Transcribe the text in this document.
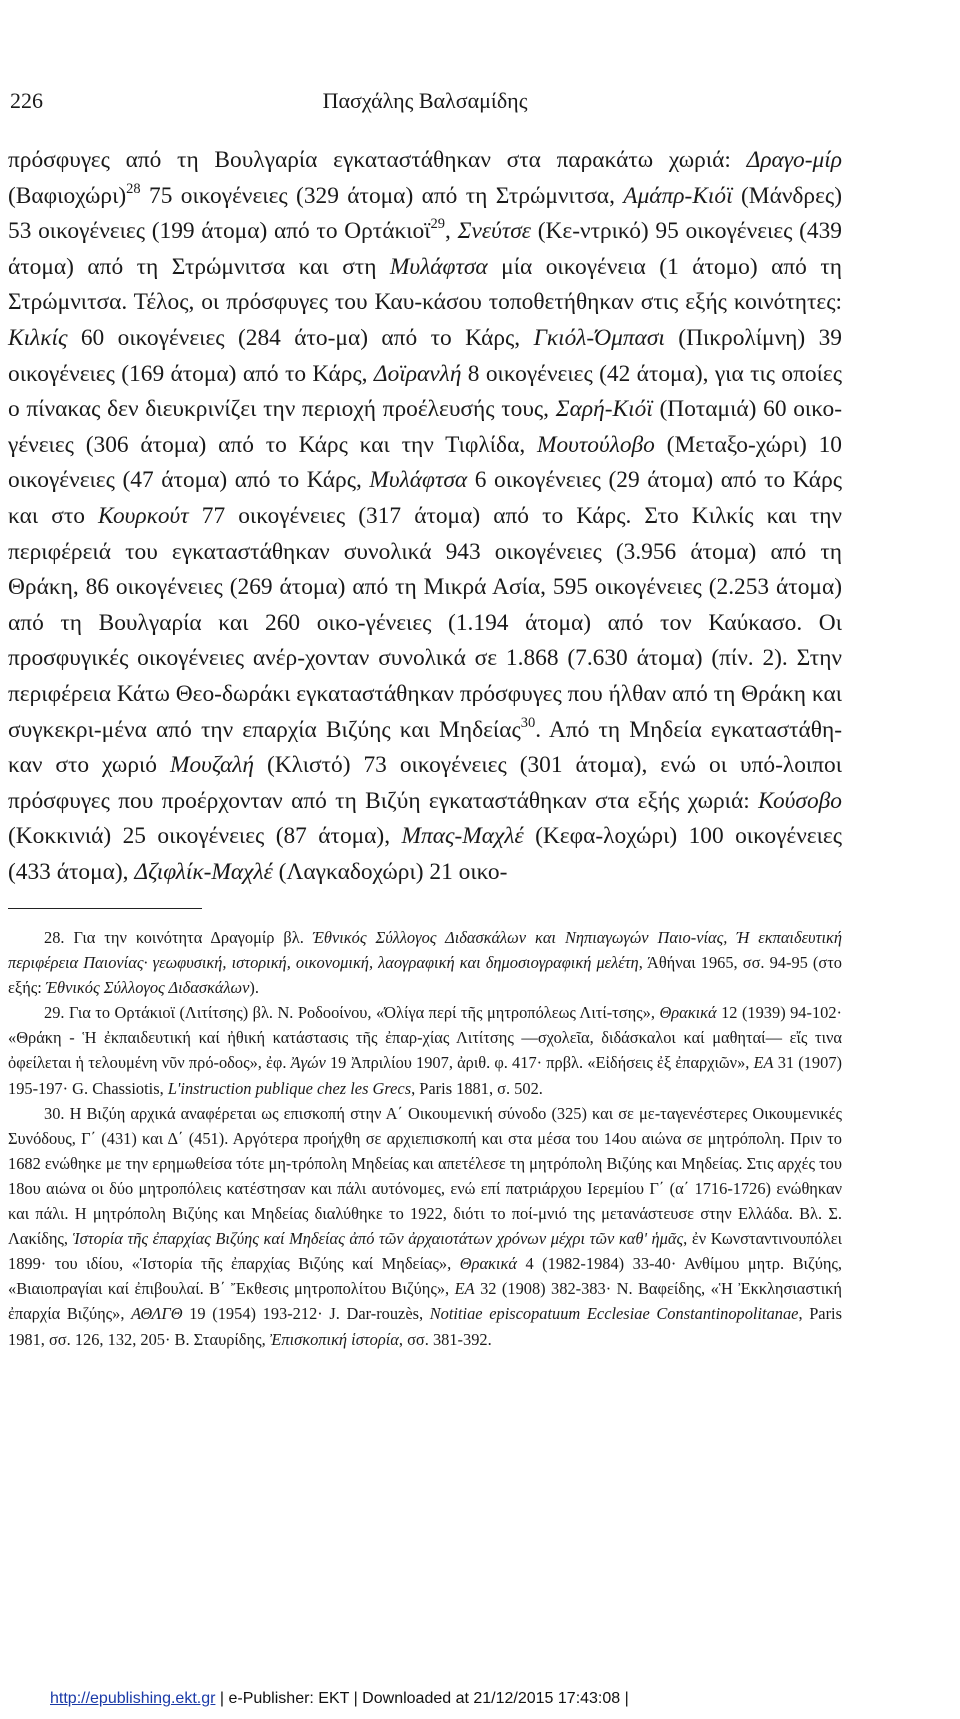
226	Πασχάλης Βαλσαμίδης

πρόσφυγες από τη Βουλγαρία εγκαταστάθηκαν στα παρακάτω χωριά: Δραγο-μίρ $(B\alpha\varphi\iota o\chi ώ\rho\iota)^{28}$ 75 οικογένειες (329 άτομα) από τη Στρώμνιτσα, Αμάπρ-Κιόϊ (Μάνδρες) 53 οικογένειες (199 άτομα) από το Ορτάκιοϊ$^{29}$, Σνεύτσε (Κε-ντρικό) 95 οικογένειες (439 άτομα) από τη Στρώμνιτσα και στη Μυλάφτσα μία οικογένεια (1 άτομο) από τη Στρώμνιτσα. Τέλος, οι πρόσφυγες του Καυ-κάσου τοποθετήθηκαν στις εξής κοινότητες: Κιλκίς 60 οικογένειες (284 άτο-μα) από το Κάρς, Γκιόλ-Όμπασι (Πικρολίμνη) 39 οικογένειες (169 άτομα) από το Κάρς, Δοϊρανλή 8 οικογένειες (42 άτομα), για τις οποίες ο πίνακας δεν διευκρινίζει την περιοχή προέλευσής τους, Σαρή-Κιόϊ (Ποταμιά) 60 οικο-γένειες (306 άτομα) από το Κάρς και την Τιφλίδα, Μουτούλοβο (Μεταξο-χώρι) 10 οικογένειες (47 άτομα) από το Κάρς, Μυλάφτσα 6 οικογένειες (29 άτομα) από το Κάρς και στο Κουρκούτ 77 οικογένειες (317 άτομα) από το Κάρς. Στο Κιλκίς και την περιφέρειά του εγκαταστάθηκαν συνολικά 943 οικογένειες (3.956 άτομα) από τη Θράκη, 86 οικογένειες (269 άτομα) από τη Μικρά Ασία, 595 οικογένειες (2.253 άτομα) από τη Βουλγαρία και 260 οικο-γένειες (1.194 άτομα) από τον Καύκασο. Οι προσφυγικές οικογένειες ανέρ-χονταν συνολικά σε 1.868 (7.630 άτομα) (πίν. 2). Στην περιφέρεια Κάτω Θεο-δωράκι εγκαταστάθηκαν πρόσφυγες που ήλθαν από τη Θράκη και συγκεκρι-μένα από την επαρχία Βιζύης και Μηδείας$^{30}$. Από τη Μηδεία εγκαταστάθη-καν στο χωριό Μουζαλή (Κλιστό) 73 οικογένειες (301 άτομα), ενώ οι υπό-λοιποι πρόσφυγες που προέρχονταν από τη Βιζύη εγκαταστάθηκαν στα εξής χωριά: Κούσοβο (Κοκκινιά) 25 οικογένειες (87 άτομα), Μπας-Μαχλέ (Κεφα-λοχώρι) 100 οικογένειες (433 άτομα), Δζιφλίκ-Μαχλέ (Λαγκαδοχώρι) 21 οικο-

28. Για την κοινότητα Δραγομίρ βλ. Έθνικός Σύλλογος Διδασκάλων και Νηπιαγωγών Παιο-νίας, Ή εκπαιδευτική περιφέρεια Παιονίας· γεωφυσική, ιστορική, οικονομική, λαογραφική και δημοσιογραφική μελέτη, Άθήναι 1965, σσ. 94-95 (στο εξής: Έθνικός Σύλλογος Διδασκάλων).

29. Για το Ορτάκιοϊ (Λιτίτσης) βλ. Ν. Ροδοοίνου, «Όλίγα περί τῆς μητροπόλεως Λιτί-τσης», Θρακικά 12 (1939) 94-102· «Θράκη - Ἡ ἐκπαιδευτική καί ἠθική κατάστασις τῆς ἐπαρ-χίας Λιτίτσης —σχολεῖα, διδάσκαλοι καί μαθηταί— εἴς τινα ὀφείλεται ἡ τελουμένη νῦν πρό-οδος», ἐφ. Ἀγών 19 Ἀπριλίου 1907, ἀριθ. φ. 417· πρβλ. «Εἰδήσεις ἐξ ἐπαρχιῶν», ΕΑ 31 (1907) 195-197· G. Chassiotis, L'instruction publique chez les Grecs, Paris 1881, σ. 502.

30. Η Βιζύη αρχικά αναφέρεται ως επισκοπή στην Α΄ Οικουμενική σύνοδο (325) και σε με-ταγενέστερες Οικουμενικές Συνόδους, Γ΄ (431) και Δ΄ (451). Αργότερα προήχθη σε αρχιεπισκοπή και στα μέσα του 14ου αιώνα σε μητρόπολη. Πριν το 1682 ενώθηκε με την ερημωθείσα τότε μη-τρόπολη Μηδείας και απετέλεσε τη μητρόπολη Βιζύης και Μηδείας. Στις αρχές του 18ου αιώνα οι δύο μητροπόλεις κατέστησαν και πάλι αυτόνομες, ενώ επί πατριάρχου Ιερεμίου Γ΄ (α΄ 1716-1726) ενώθηκαν και πάλι. Η μητρόπολη Βιζύης και Μηδείας διαλύθηκε το 1922, διότι το ποί-μνιό της μετανάστευσε στην Ελλάδα. Βλ. Σ. Λακίδης, Ἱστορία τῆς ἐπαρχίας Βιζύης καί Μηδείας ἀπό τῶν ἀρχαιοτάτων χρόνων μέχρι τῶν καθ' ἡμᾶς, ἐν Κωνσταντινουπόλει 1899· του ιδίου, «Ἱστορία τῆς ἐπαρχίας Βιζύης καί Μηδείας», Θρακικά 4 (1982-1984) 33-40· Ανθίμου μητρ. Βιζύης, «Βιαιοπραγίαι καί ἐπιβουλαί. Β΄ Ἔκθεσις μητροπολίτου Βιζύης», ΕΑ 32 (1908) 382-383· Ν. Βαφείδης, «Ἡ Ἐκκλησιαστική ἐπαρχία Βιζύης», ΑΘΛΓΘ 19 (1954) 193-212· J. Dar-rouzès, Notitiae episcopatuum Ecclesiae Constantinopolitanae, Paris 1981, σσ. 126, 132, 205· Β. Σταυρίδης, Ἐπισκοπική ἱστορία, σσ. 381-392.

http://epublishing.ekt.gr | e-Publisher: EKT | Downloaded at 21/12/2015 17:43:08 |
